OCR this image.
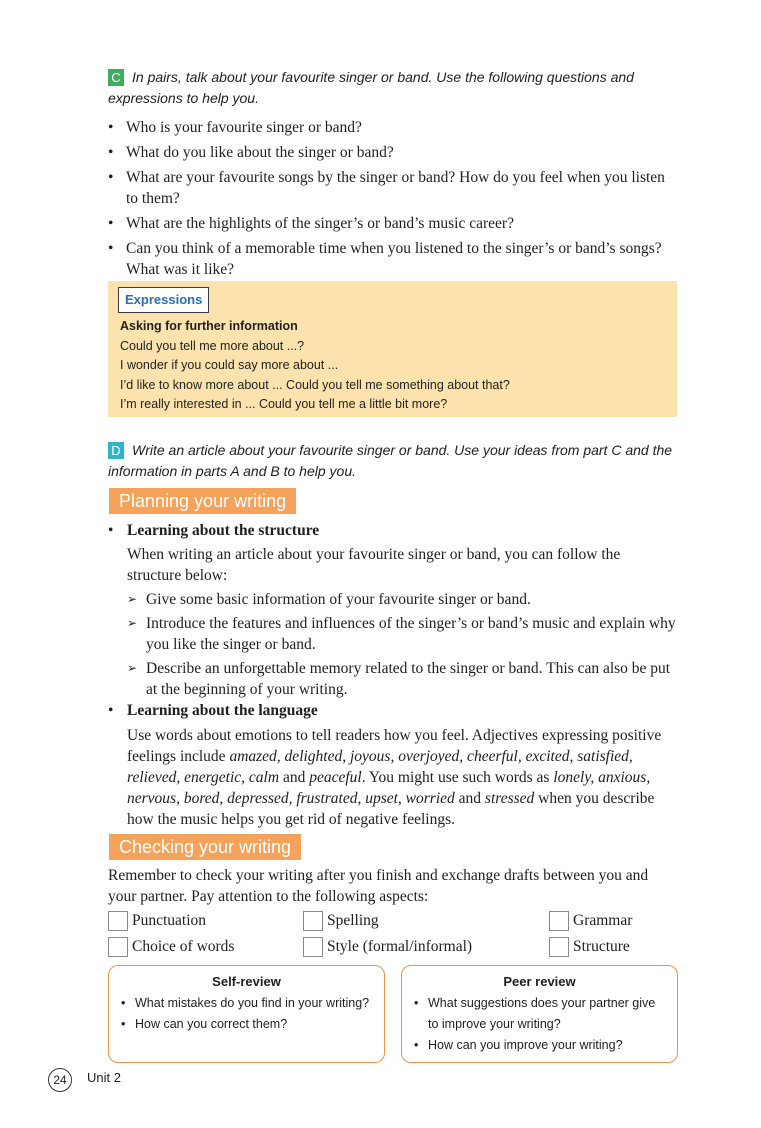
C In pairs, talk about your favourite singer or band. Use the following questions and
expressions to help you.
• Who is your favourite singer or band?
• What do you like about the singer or band?
• What are your favourite songs by the singer or band? How do you feel when you listen to them?
• What are the highlights of the singer’s or band’s music career?
• Can you think of a memorable time when you listened to the singer’s or band’s songs? What was it like?
Expressions
Asking for further information
Could you tell me more about ...?
I wonder if you could say more about ...
I’d like to know more about ... Could you tell me something about that?
I’m really interested in ... Could you tell me a little bit more?
D Write an article about your favourite singer or band. Use your ideas from part C and the
information in parts A and B to help you.
Planning your writing
• Learning about the structure
When writing an article about your favourite singer or band, you can follow the structure below:
➢ Give some basic information of your favourite singer or band.
➢ Introduce the features and influences of the singer’s or band’s music and explain why you like the singer or band.
➢ Describe an unforgettable memory related to the singer or band. This can also be put at the beginning of your writing.
• Learning about the language
Use words about emotions to tell readers how you feel. Adjectives expressing positive feelings include amazed, delighted, joyous, overjoyed, cheerful, excited, satisfied, relieved, energetic, calm and peaceful. You might use such words as lonely, anxious, nervous, bored, depressed, frustrated, upset, worried and stressed when you describe how the music helps you get rid of negative feelings.
Checking your writing
Remember to check your writing after you finish and exchange drafts between you and your partner. Pay attention to the following aspects:
Punctuation	Spelling	Grammar
Choice of words	Style (formal/informal)	Structure
Self-review
• What mistakes do you find in your writing?
• How can you correct them?
Peer review
• What suggestions does your partner give to improve your writing?
• How can you improve your writing?
24	Unit 2
